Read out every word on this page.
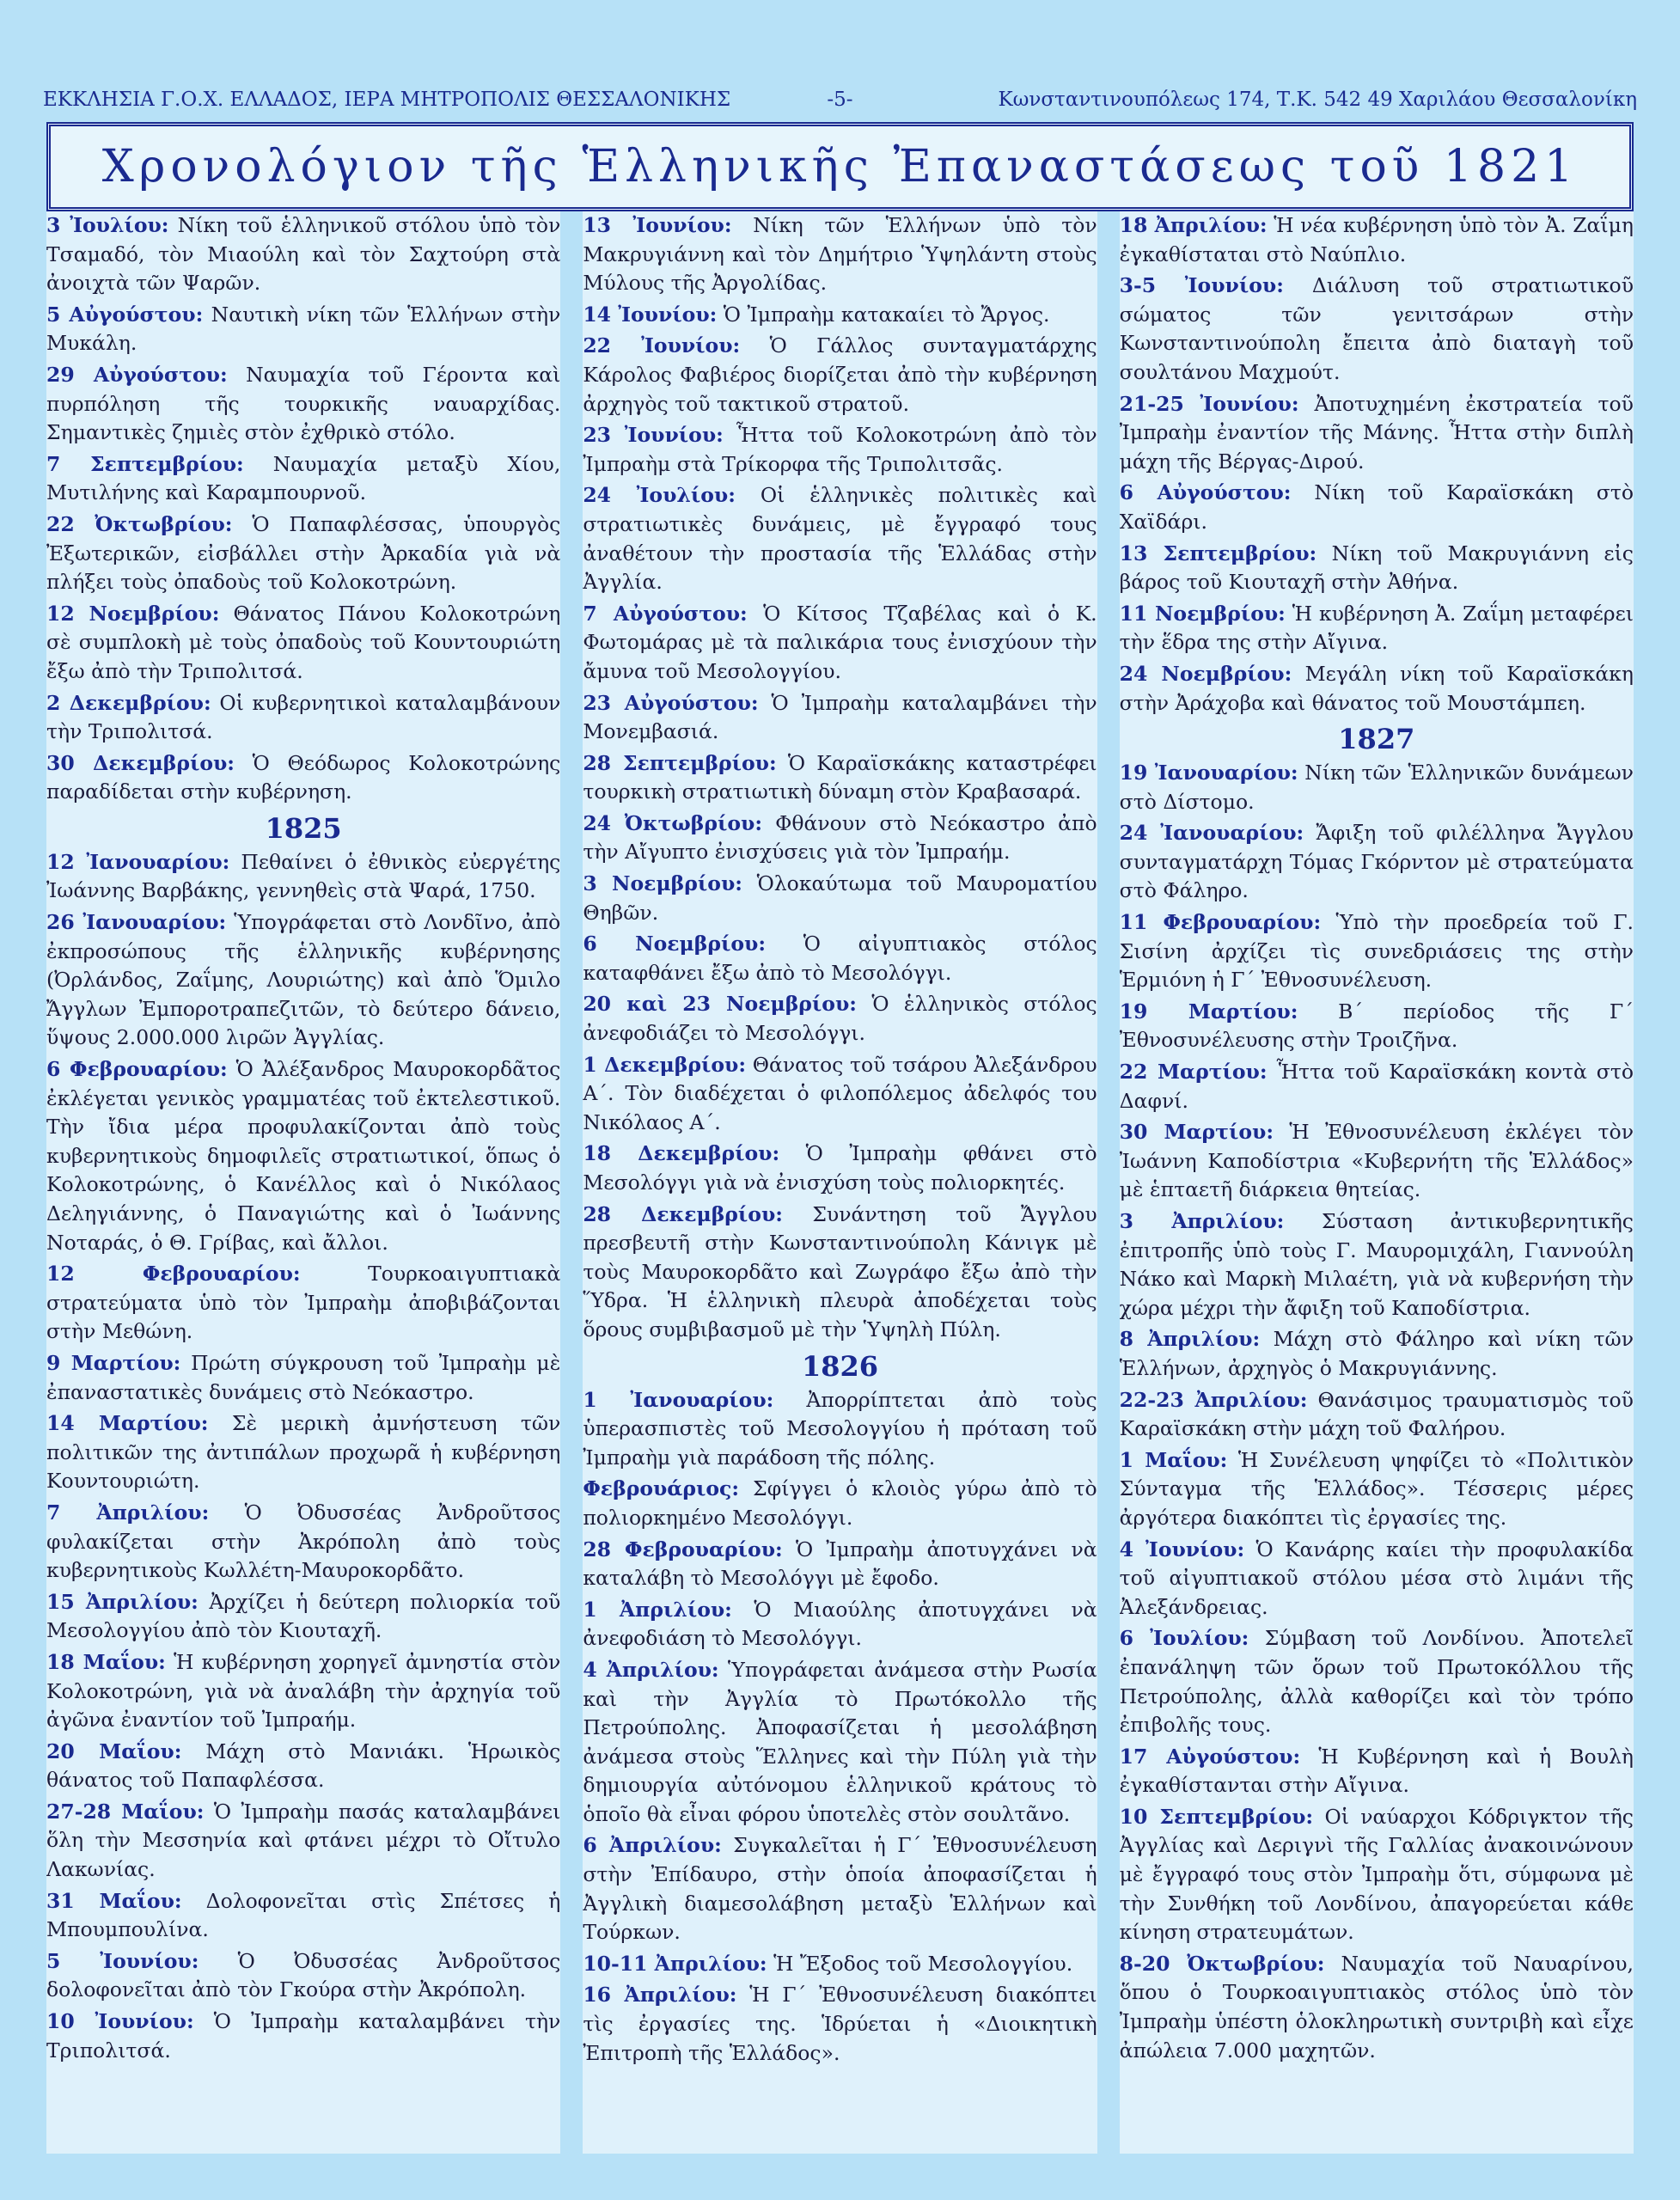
ΕΚΚΛΗΣΙΑ Γ.Ο.Χ. ΕΛΛΑΔΟΣ, ΙΕΡΑ ΜΗΤΡΟΠΟΛΙΣ ΘΕΣΣΑΛΟΝΙΚΗΣ	-5-	Κωνσταντινουπόλεως 174, Τ.Κ. 542 49 Χαριλάου Θεσσαλονίκη
Χρονολόγιον τῆς Ἑλληνικῆς Ἐπαναστάσεως τοῦ 1821

3 Ἰουλίου: Νίκη τοῦ ἑλληνικοῦ στόλου ὑπὸ τὸν Τσαμαδό, τὸν Μιαούλη καὶ τὸν Σαχτούρη στὰ ἀνοιχτὰ τῶν Ψαρῶν.

5 Αὐγούστου: Ναυτικὴ νίκη τῶν Ἑλλήνων στὴν Μυκάλη.

29 Αὐγούστου: Ναυμαχία τοῦ Γέροντα καὶ πυρπόληση τῆς τουρκικῆς ναυαρχίδας. Σημαντικὲς ζημιὲς στὸν ἐχθρικὸ στόλο.

7 Σεπτεμβρίου: Ναυμαχία μεταξὺ Χίου, Μυτιλήνης καὶ Καραμπουρνοῦ.

22 Ὀκτωβρίου: Ὁ Παπαφλέσσας, ὑπουργὸς Ἐξωτερικῶν, εἰσβάλλει στὴν Ἀρκαδία γιὰ νὰ πλήξει τοὺς ὀπαδοὺς τοῦ Κολοκοτρώνη.

12 Νοεμβρίου: Θάνατος Πάνου Κολοκοτρώνη σὲ συμπλοκὴ μὲ τοὺς ὀπαδοὺς τοῦ Κουντουριώτη ἔξω ἀπὸ τὴν Τριπολιτσά.

2 Δεκεμβρίου: Οἱ κυβερνητικοὶ καταλαμβάνουν τὴν Τριπολιτσά.

30 Δεκεμβρίου: Ὁ Θεόδωρος Κολοκοτρώνης παραδίδεται στὴν κυβέρνηση.

1825

12 Ἰανουαρίου: Πεθαίνει ὁ ἐθνικὸς εὐεργέτης Ἰωάννης Βαρβάκης, γεννηθεὶς στὰ Ψαρά, 1750.

26 Ἰανουαρίου: Ὑπογράφεται στὸ Λονδῖνο, ἀπὸ ἐκπροσώπους τῆς ἑλληνικῆς κυβέρνησης (Ὀρλάνδος, Ζαΐμης, Λουριώτης) καὶ ἀπὸ Ὅμιλο Ἄγγλων Ἐμποροτραπεζιτῶν, τὸ δεύτερο δάνειο, ὕψους 2.000.000 λιρῶν Ἀγγλίας.

6 Φεβρουαρίου: Ὁ Ἀλέξανδρος Μαυροκορδᾶτος ἐκλέγεται γενικὸς γραμματέας τοῦ ἐκτελεστικοῦ. Τὴν ἴδια μέρα προφυλακίζονται ἀπὸ τοὺς κυβερνητικοὺς δημοφιλεῖς στρατιωτικοί, ὅπως ὁ Κολοκοτρώνης, ὁ Κανέλλος καὶ ὁ Νικόλαος Δεληγιάννης, ὁ Παναγιώτης καὶ ὁ Ἰωάννης Νοταράς, ὁ Θ. Γρίβας, καὶ ἄλλοι.

12 Φεβρουαρίου:	Τουρκοαιγυπτιακὰ στρατεύματα ὑπὸ τὸν Ἰμπραὴμ ἀποβιβάζονται στὴν Μεθώνη.

9 Μαρτίου: Πρώτη σύγκρουση τοῦ Ἰμπραὴμ μὲ ἐπαναστατικὲς δυνάμεις στὸ Νεόκαστρο.

14 Μαρτίου: Σὲ μερικὴ ἀμνήστευση τῶν πολιτικῶν της ἀντιπάλων προχωρᾶ ἡ κυβέρνηση Κουντουριώτη.

7 Ἀπριλίου: Ὁ Ὀδυσσέας Ἀνδροῦτσος φυλακίζεται στὴν Ἀκρόπολη ἀπὸ τοὺς κυβερνητικοὺς Κωλλέτη-Μαυροκορδᾶτο.

15 Ἀπριλίου: Ἀρχίζει ἡ δεύτερη πολιορκία τοῦ Μεσολογγίου ἀπὸ τὸν Κιουταχῆ.

18 Μαΐου: Ἡ κυβέρνηση χορηγεῖ ἀμνηστία στὸν Κολοκοτρώνη, γιὰ νὰ ἀναλάβη τὴν ἀρχηγία τοῦ ἀγῶνα ἐναντίον τοῦ Ἰμπραήμ.

20 Μαΐου: Μάχη στὸ Μανιάκι. Ἡρωικὸς θάνατος τοῦ Παπαφλέσσα.

27-28 Μαΐου: Ὁ Ἰμπραὴμ πασάς καταλαμβάνει ὅλη τὴν Μεσσηνία καὶ φτάνει μέχρι τὸ Οἴτυλο Λακωνίας.

31 Μαΐου: Δολοφονεῖται στὶς Σπέτσες ἡ Μπουμπουλίνα.

5 Ἰουνίου: Ὁ Ὀδυσσέας Ἀνδροῦτσος δολοφονεῖται ἀπὸ τὸν Γκούρα στὴν Ἀκρόπολη.

10 Ἰουνίου: Ὁ Ἰμπραὴμ καταλαμβάνει τὴν Τριπολιτσά.

13 Ἰουνίου: Νίκη τῶν Ἑλλήνων ὑπὸ τὸν Μακρυγιάννη καὶ τὸν Δημήτριο Ὑψηλάντη στοὺς Μύλους τῆς Ἀργολίδας.

14 Ἰουνίου: Ὁ Ἰμπραὴμ κατακαίει τὸ Ἄργος.

22 Ἰουνίου: Ὁ Γάλλος συνταγματάρχης Κάρολος Φαβιέρος διορίζεται ἀπὸ τὴν κυβέρνηση ἀρχηγὸς τοῦ τακτικοῦ στρατοῦ.

23 Ἰουνίου: Ἧττα τοῦ Κολοκοτρώνη ἀπὸ τὸν Ἰμπραὴμ στὰ Τρίκορφα τῆς Τριπολιτσᾶς.

24 Ἰουλίου: Οἱ ἑλληνικὲς πολιτικὲς καὶ στρατιωτικὲς δυνάμεις, μὲ ἔγγραφό τους ἀναθέτουν τὴν προστασία τῆς Ἑλλάδας στὴν Ἀγγλία.

7 Αὐγούστου: Ὁ Κίτσος Τζαβέλας καὶ ὁ Κ. Φωτομάρας μὲ τὰ παλικάρια τους ἐνισχύουν τὴν ἄμυνα τοῦ Μεσολογγίου.

23 Αὐγούστου: Ὁ Ἰμπραὴμ καταλαμβάνει τὴν Μονεμβασιά.

28 Σεπτεμβρίου: Ὁ Καραϊσκάκης καταστρέφει τουρκικὴ στρατιωτικὴ δύναμη στὸν Κραβασαρά.

24 Ὀκτωβρίου: Φθάνουν στὸ Νεόκαστρο ἀπὸ τὴν Αἴγυπτο ἐνισχύσεις γιὰ τὸν Ἰμπραήμ.

3 Νοεμβρίου: Ὁλοκαύτωμα τοῦ Μαυροματίου Θηβῶν.

6 Νοεμβρίου: Ὁ αἰγυπτιακὸς στόλος καταφθάνει ἔξω ἀπὸ τὸ Μεσολόγγι.

20 καὶ 23 Νοεμβρίου: Ὁ ἑλληνικὸς στόλος ἀνεφοδιάζει τὸ Μεσολόγγι.

1 Δεκεμβρίου: Θάνατος τοῦ τσάρου Ἀλεξάνδρου Α΄. Τὸν διαδέχεται ὁ φιλοπόλεμος ἀδελφός του Νικόλαος Α΄.

18 Δεκεμβρίου: Ὁ Ἰμπραὴμ φθάνει στὸ Μεσολόγγι γιὰ νὰ ἐνισχύση τοὺς πολιορκητές.

28 Δεκεμβρίου: Συνάντηση τοῦ Ἄγγλου πρεσβευτῆ στὴν Κωνσταντινούπολη Κάνιγκ μὲ τοὺς Μαυροκορδᾶτο καὶ Ζωγράφο ἔξω ἀπὸ τὴν Ὕδρα. Ἡ ἑλληνικὴ πλευρὰ ἀποδέχεται τοὺς ὅρους συμβιβασμοῦ μὲ τὴν Ὑψηλὴ Πύλη.

1826

1 Ἰανουαρίου: Ἀπορρίπτεται ἀπὸ τοὺς ὑπερασπιστὲς τοῦ Μεσολογγίου ἡ πρόταση τοῦ Ἰμπραὴμ γιὰ παράδοση τῆς πόλης.

Φεβρουάριος: Σφίγγει ὁ κλοιὸς γύρω ἀπὸ τὸ πολιορκημένο Μεσολόγγι.

28 Φεβρουαρίου: Ὁ Ἰμπραὴμ ἀποτυγχάνει νὰ καταλάβη τὸ Μεσολόγγι μὲ ἔφοδο.

1 Ἀπριλίου: Ὁ Μιαούλης ἀποτυγχάνει νὰ ἀνεφοδιάση τὸ Μεσολόγγι.

4 Ἀπριλίου: Ὑπογράφεται ἀνάμεσα στὴν Ρωσία καὶ τὴν Ἀγγλία τὸ Πρωτόκολλο τῆς Πετρούπολης. Ἀποφασίζεται ἡ μεσολάβηση ἀνάμεσα στοὺς Ἕλληνες καὶ τὴν Πύλη γιὰ τὴν δημιουργία αὐτόνομου ἑλληνικοῦ κράτους τὸ ὁποῖο θὰ εἶναι φόρου ὑποτελὲς στὸν σουλτᾶνο.

6 Ἀπριλίου: Συγκαλεῖται ἡ Γ΄ Ἐθνοσυνέλευση στὴν Ἐπίδαυρο, στὴν ὁποία ἀποφασίζεται ἡ Ἀγγλικὴ διαμεσολάβηση μεταξὺ Ἑλλήνων καὶ Τούρκων.

10-11 Ἀπριλίου: Ἡ Ἔξοδος τοῦ Μεσολογγίου.

16 Ἀπριλίου: Ἡ Γ΄ Ἐθνοσυνέλευση διακόπτει τὶς ἐργασίες της. Ἱδρύεται ἡ «Διοικητικὴ Ἐπιτροπὴ τῆς Ἑλλάδος».

18 Ἀπριλίου: Ἡ νέα κυβέρνηση ὑπὸ τὸν Ἀ. Ζαΐμη ἐγκαθίσταται στὸ Ναύπλιο.

3-5 Ἰουνίου: Διάλυση τοῦ στρατιωτικοῦ σώματος τῶν γενιτσάρων στὴν Κωνσταντινούπολη ἔπειτα ἀπὸ διαταγὴ τοῦ σουλτάνου Μαχμούτ.

21-25 Ἰουνίου: Ἀποτυχημένη ἐκστρατεία τοῦ Ἰμπραὴμ ἐναντίον τῆς Μάνης. Ἧττα στὴν διπλὴ μάχη τῆς Βέργας-Διρού.

6 Αὐγούστου: Νίκη τοῦ Καραϊσκάκη στὸ Χαϊδάρι.

13 Σεπτεμβρίου: Νίκη τοῦ Μακρυγιάννη εἰς βάρος τοῦ Κιουταχῆ στὴν Ἀθήνα.

11 Νοεμβρίου: Ἡ κυβέρνηση Ἀ. Ζαΐμη μεταφέρει τὴν ἕδρα της στὴν Αἴγινα.

24 Νοεμβρίου: Μεγάλη νίκη τοῦ Καραϊσκάκη στὴν Ἀράχοβα καὶ θάνατος τοῦ Μουστάμπεη.

1827

19 Ἰανουαρίου: Νίκη τῶν Ἑλληνικῶν δυνάμεων στὸ Δίστομο.

24 Ἰανουαρίου: Ἄφιξη τοῦ φιλέλληνα Ἄγγλου συνταγματάρχη Τόμας Γκόρντον μὲ στρατεύματα στὸ Φάληρο.

11 Φεβρουαρίου: Ὑπὸ τὴν προεδρεία τοῦ Γ. Σισίνη ἀρχίζει τὶς συνεδριάσεις της στὴν Ἑρμιόνη ἡ Γ΄ Ἐθνοσυνέλευση.

19 Μαρτίου: Β΄ περίοδος τῆς Γ΄ Ἐθνοσυνέλευσης στὴν Τροιζῆνα.

22 Μαρτίου: Ἧττα τοῦ Καραϊσκάκη κοντὰ στὸ Δαφνί.

30 Μαρτίου: Ἡ Ἐθνοσυνέλευση ἐκλέγει τὸν Ἰωάννη Καποδίστρια «Κυβερνήτη τῆς Ἑλλάδος» μὲ ἑπταετῆ διάρκεια θητείας.

3 Ἀπριλίου: Σύσταση ἀντικυβερνητικῆς ἐπιτροπῆς ὑπὸ τοὺς Γ. Μαυρομιχάλη, Γιαννούλη Νάκο καὶ Μαρκὴ Μιλαέτη, γιὰ νὰ κυβερνήση τὴν χώρα μέχρι τὴν ἄφιξη τοῦ Καποδίστρια.

8 Ἀπριλίου: Μάχη στὸ Φάληρο καὶ νίκη τῶν Ἑλλήνων, ἀρχηγὸς ὁ Μακρυγιάννης.

22-23 Ἀπριλίου: Θανάσιμος τραυματισμὸς τοῦ Καραϊσκάκη στὴν μάχη τοῦ Φαλήρου.

1 Μαΐου: Ἡ Συνέλευση ψηφίζει τὸ «Πολιτικὸν Σύνταγμα τῆς Ἑλλάδος». Τέσσερις μέρες ἀργότερα διακόπτει τὶς ἐργασίες της.

4 Ἰουνίου: Ὁ Κανάρης καίει τὴν προφυλακίδα τοῦ αἰγυπτιακοῦ στόλου μέσα στὸ λιμάνι τῆς Ἀλεξάνδρειας.

6 Ἰουλίου: Σύμβαση τοῦ Λονδίνου. Ἀποτελεῖ ἐπανάληψη τῶν ὅρων τοῦ Πρωτοκόλλου τῆς Πετρούπολης, ἀλλὰ καθορίζει καὶ τὸν τρόπο ἐπιβολῆς τους.

17 Αὐγούστου: Ἡ Κυβέρνηση καὶ ἡ Βουλὴ ἐγκαθίστανται στὴν Αἴγινα.

10 Σεπτεμβρίου: Οἱ ναύαρχοι Κόδριγκτον τῆς Ἀγγλίας καὶ Δεριγνὶ τῆς Γαλλίας ἀνακοινώνουν μὲ ἔγγραφό τους στὸν Ἰμπραὴμ ὅτι, σύμφωνα μὲ τὴν Συνθήκη τοῦ Λονδίνου, ἀπαγορεύεται κάθε κίνηση στρατευμάτων.

8-20 Ὀκτωβρίου: Ναυμαχία τοῦ Ναυαρίνου, ὅπου ὁ Τουρκοαιγυπτιακὸς στόλος ὑπὸ τὸν Ἰμπραὴμ ὑπέστη ὁλοκληρωτικὴ συντριβὴ καὶ εἶχε ἀπώλεια 7.000 μαχητῶν.
